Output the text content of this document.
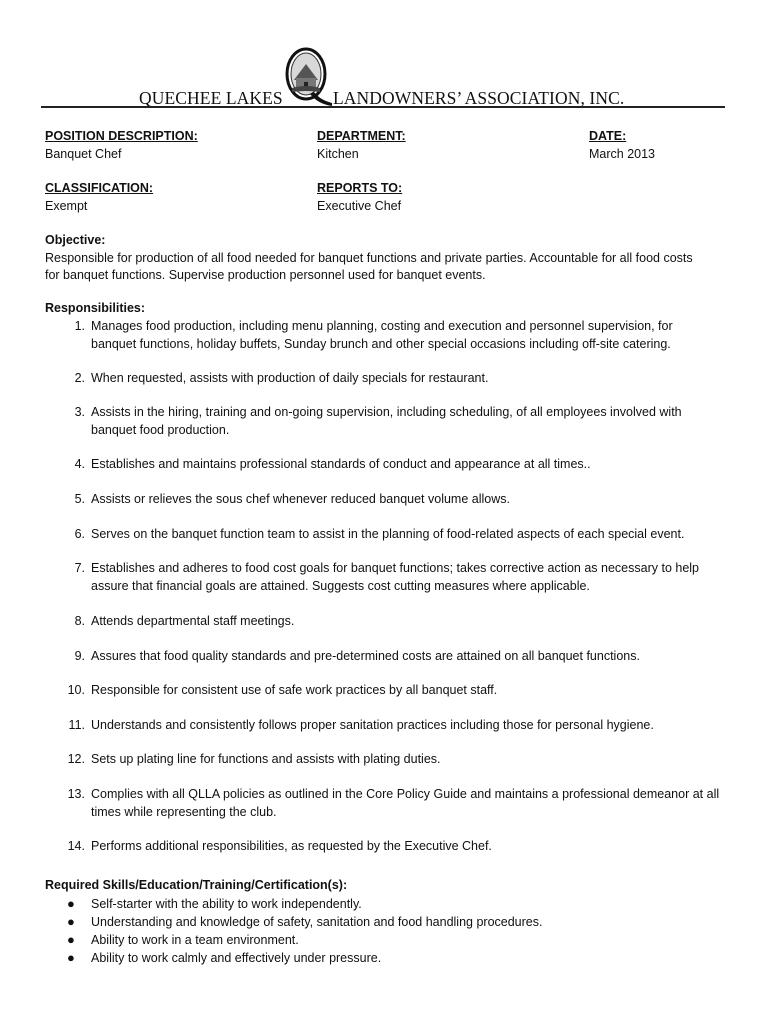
QUECHEE LAKES	LANDOWNERS’ ASSOCIATION, INC.
POSITION DESCRIPTION:
Banquet Chef
DEPARTMENT:
Kitchen
DATE:
March 2013
CLASSIFICATION:
Exempt
REPORTS TO:
Executive Chef
Objective:
Responsible for production of all food needed for banquet functions and private parties. Accountable for all food costs
for banquet functions. Supervise production personnel used for banquet events.
Responsibilities:
1. Manages food production, including menu planning, costing and execution and personnel supervision, for
banquet functions, holiday buffets, Sunday brunch and other special occasions including off-site catering.
2. When requested, assists with production of daily specials for restaurant.
3. Assists in the hiring, training and on-going supervision, including scheduling, of all employees involved with
banquet food production.
4. Establishes and maintains professional standards of conduct and appearance at all times..
5. Assists or relieves the sous chef whenever reduced banquet volume allows.
6. Serves on the banquet function team to assist in the planning of food-related aspects of each special event.
7. Establishes and adheres to food cost goals for banquet functions; takes corrective action as necessary to help
assure that financial goals are attained. Suggests cost cutting measures where applicable.
8. Attends departmental staff meetings.
9. Assures that food quality standards and pre-determined costs are attained on all banquet functions.
10. Responsible for consistent use of safe work practices by all banquet staff.
11. Understands and consistently follows proper sanitation practices including those for personal hygiene.
12. Sets up plating line for functions and assists with plating duties.
13. Complies with all QLLA policies as outlined in the Core Policy Guide and maintains a professional demeanor at all
times while representing the club.
14. Performs additional responsibilities, as requested by the Executive Chef.
Required Skills/Education/Training/Certification(s):
● Self-starter with the ability to work independently.
● Understanding and knowledge of safety, sanitation and food handling procedures.
● Ability to work in a team environment.
● Ability to work calmly and effectively under pressure.
